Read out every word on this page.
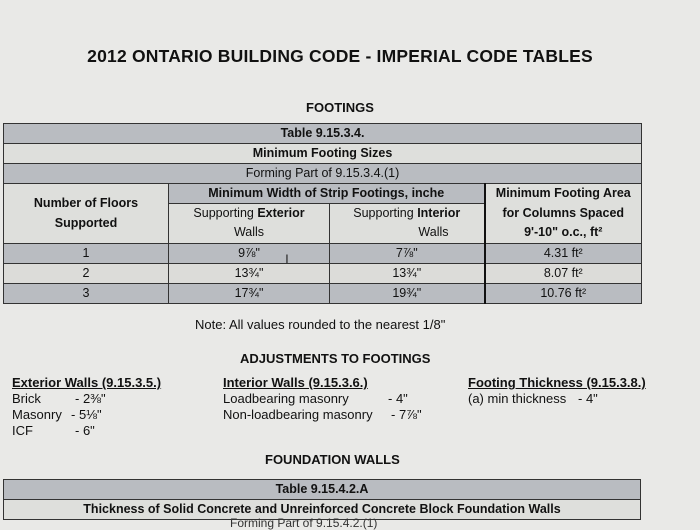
2012 ONTARIO BUILDING CODE - IMPERIAL CODE TABLES
FOOTINGS
Table 9.15.3.4.			
Minimum Footing Sizes			
Forming Part of 9.15.3.4.(1)			
Number of Floors Supported	Minimum Width of Strip Footings, inche		Minimum Footing Area
for Columns Spaced
9'-10" o.c., ft²

	Supporting Exterior	Supporting Interior	
	Walls	Walls	
1	9⅞"	7⅞"	4.31 ft²
2	13¾"	13¾"	8.07 ft²
3	17¾"	19¾"	10.76 ft²
I
Note: All values rounded to the nearest 1/8"
ADJUSTMENTS TO FOOTINGS
Exterior Walls (9.15.3.5.)
Brick	- 2⅜"
Masonry - 5⅛"
ICF	- 6"
Interior Walls (9.15.3.6.)
Loadbearing masonry	- 4"
Non-loadbearing masonry	- 7⅞"
Footing Thickness (9.15.3.8.)
(a) min thickness - 4"
FOUNDATION WALLS
Table 9.15.4.2.A
Thickness of Solid Concrete and Unreinforced Concrete Block Foundation Walls
Forming Part of 9.15.4.2.(1)
